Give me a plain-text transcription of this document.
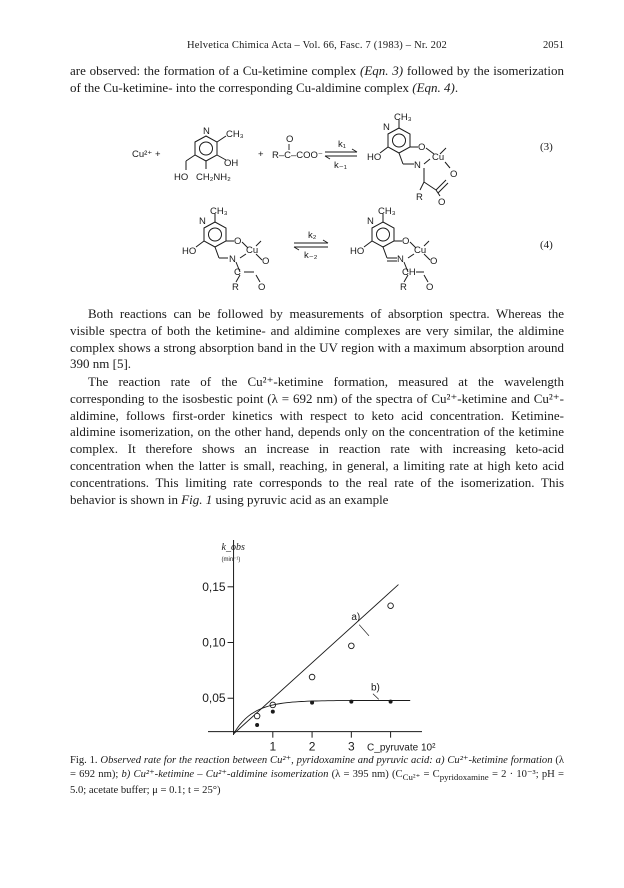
Helvetica Chimica Acta – Vol. 66, Fasc. 7 (1983) – Nr. 202	2051

are observed: the formation of a Cu-ketimine complex (Eqn. 3) followed by the isomerization of the Cu-ketimine- into the corresponding Cu-aldimine complex (Eqn. 4).

Cu²⁺ +
N CH₃
OH
HO CH₂NH₂
+
O
R–C–COO⁻
k₁
k₋₁
CH₃
N
O
Cu
N
O
HO
R O
(3)
CH₃
N
O
Cu
N	O
HO
C
R O
k₂
k₋₂
CH₃
N
O
Cu
N	O
HO
CH
R O
(4)

Both reactions can be followed by measurements of absorption spectra. Whereas the visible spectra of both the ketimine- and aldimine complexes are very similar, the aldimine complex shows a strong absorption band in the UV region with a maximum absorption around 390 nm [5].

The reaction rate of the Cu²⁺-ketimine formation, measured at the wavelength corresponding to the isosbestic point (λ = 692 nm) of the spectra of Cu²⁺-ketimine and Cu²⁺-aldimine, follows first-order kinetics with respect to keto acid concentration. Ketimine-aldimine isomerization, on the other hand, depends only on the concentration of the ketimine complex. It therefore shows an increase in reaction rate with increasing keto-acid concentration when the latter is small, reaching, in general, a limiting rate at high keto acid concentrations. This limiting rate corresponds to the real rate of the isomerization. This behavior is shown in Fig. 1 using pyruvic acid as an example

0,05
0,10
0,15
1	2	3
k_obs
(min⁻¹)
C_pyruvate 10²
a)
b)

Fig. 1. Observed rate for the reaction between Cu²⁺, pyridoxamine and pyruvic acid: a) Cu²⁺-ketimine formation (λ = 692 nm); b) Cu²⁺-ketimine – Cu²⁺-aldimine isomerization (λ = 395 nm) ($C_{Cu^{2+}} = C_{pyridoxamine} = 2 \cdot 10^{-3}$; pH = 5.0; acetate buffer; μ = 0.1; t = 25°)
